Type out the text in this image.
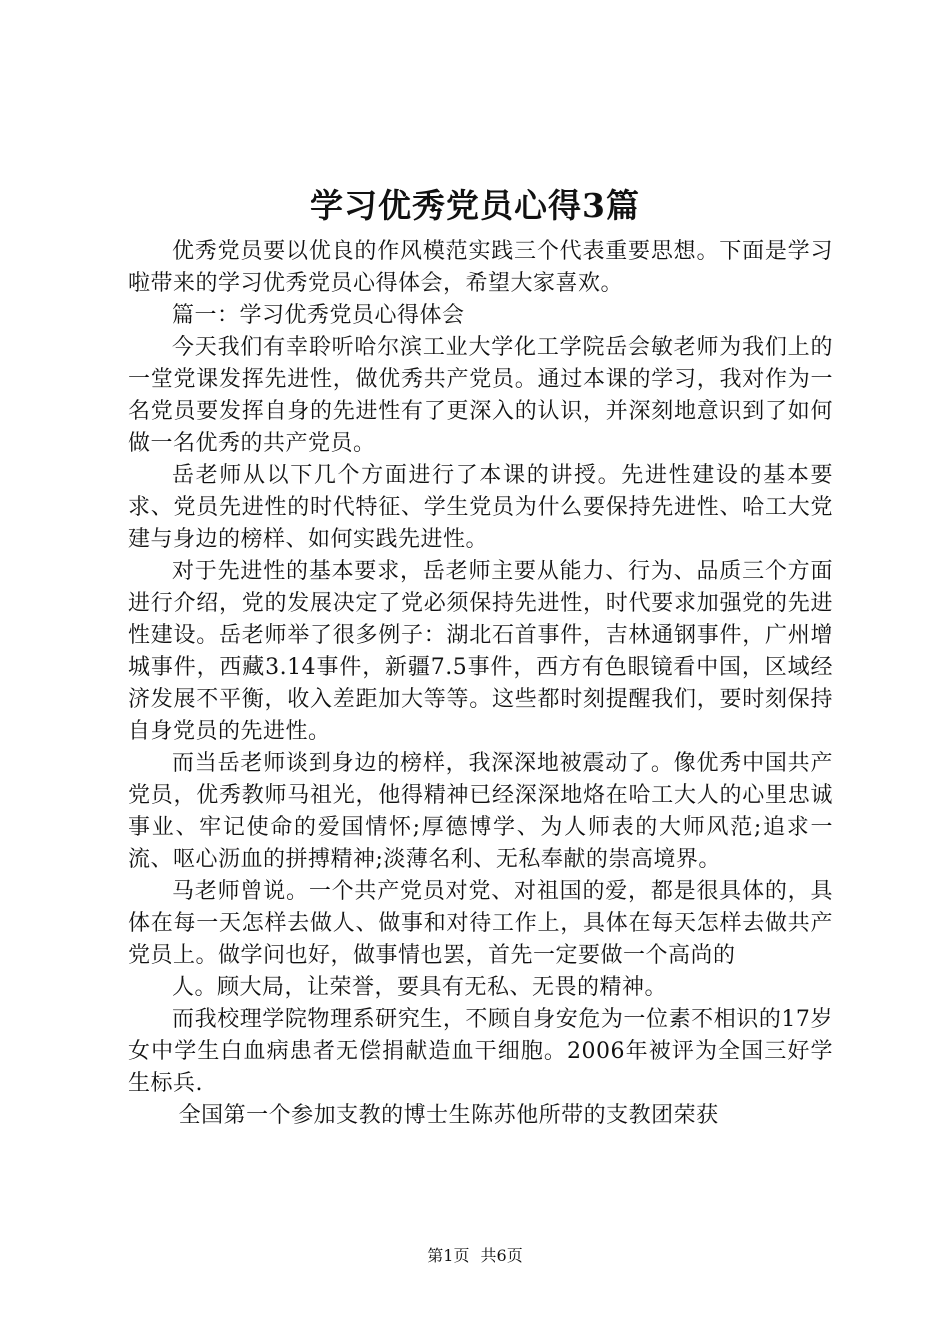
学习优秀党员心得3篇

优秀党员要以优良的作风模范实践三个代表重要思想。下面是学习啦带来的学习优秀党员心得体会，希望大家喜欢。

篇一：学习优秀党员心得体会

今天我们有幸聆听哈尔滨工业大学化工学院岳会敏老师为我们上的一堂党课发挥先进性，做优秀共产党员。通过本课的学习，我对作为一名党员要发挥自身的先进性有了更深入的认识，并深刻地意识到了如何做一名优秀的共产党员。

岳老师从以下几个方面进行了本课的讲授。先进性建设的基本要求、党员先进性的时代特征、学生党员为什么要保持先进性、哈工大党建与身边的榜样、如何实践先进性。

对于先进性的基本要求，岳老师主要从能力、行为、品质三个方面进行介绍，党的发展决定了党必须保持先进性，时代要求加强党的先进性建设。岳老师举了很多例子：湖北石首事件，吉林通钢事件，广州增城事件，西藏3.14事件，新疆7.5事件，西方有色眼镜看中国，区域经济发展不平衡，收入差距加大等等。这些都时刻提醒我们，要时刻保持自身党员的先进性。

而当岳老师谈到身边的榜样，我深深地被震动了。像优秀中国共产党员，优秀教师马祖光，他得精神已经深深地烙在哈工大人的心里忠诚事业、牢记使命的爱国情怀;厚德博学、为人师表的大师风范;追求一流、呕心沥血的拼搏精神;淡薄名利、无私奉献的崇高境界。

马老师曾说。一个共产党员对党、对祖国的爱，都是很具体的，具体在每一天怎样去做人、做事和对待工作上，具体在每天怎样去做共产党员上。做学问也好，做事情也罢，首先一定要做一个高尚的

人。顾大局，让荣誉，要具有无私、无畏的精神。

而我校理学院物理系研究生，不顾自身安危为一位素不相识的17岁女中学生白血病患者无偿捐献造血干细胞。2006年被评为全国三好学生标兵.

全国第一个参加支教的博士生陈苏他所带的支教团荣获

第1页 共6页
